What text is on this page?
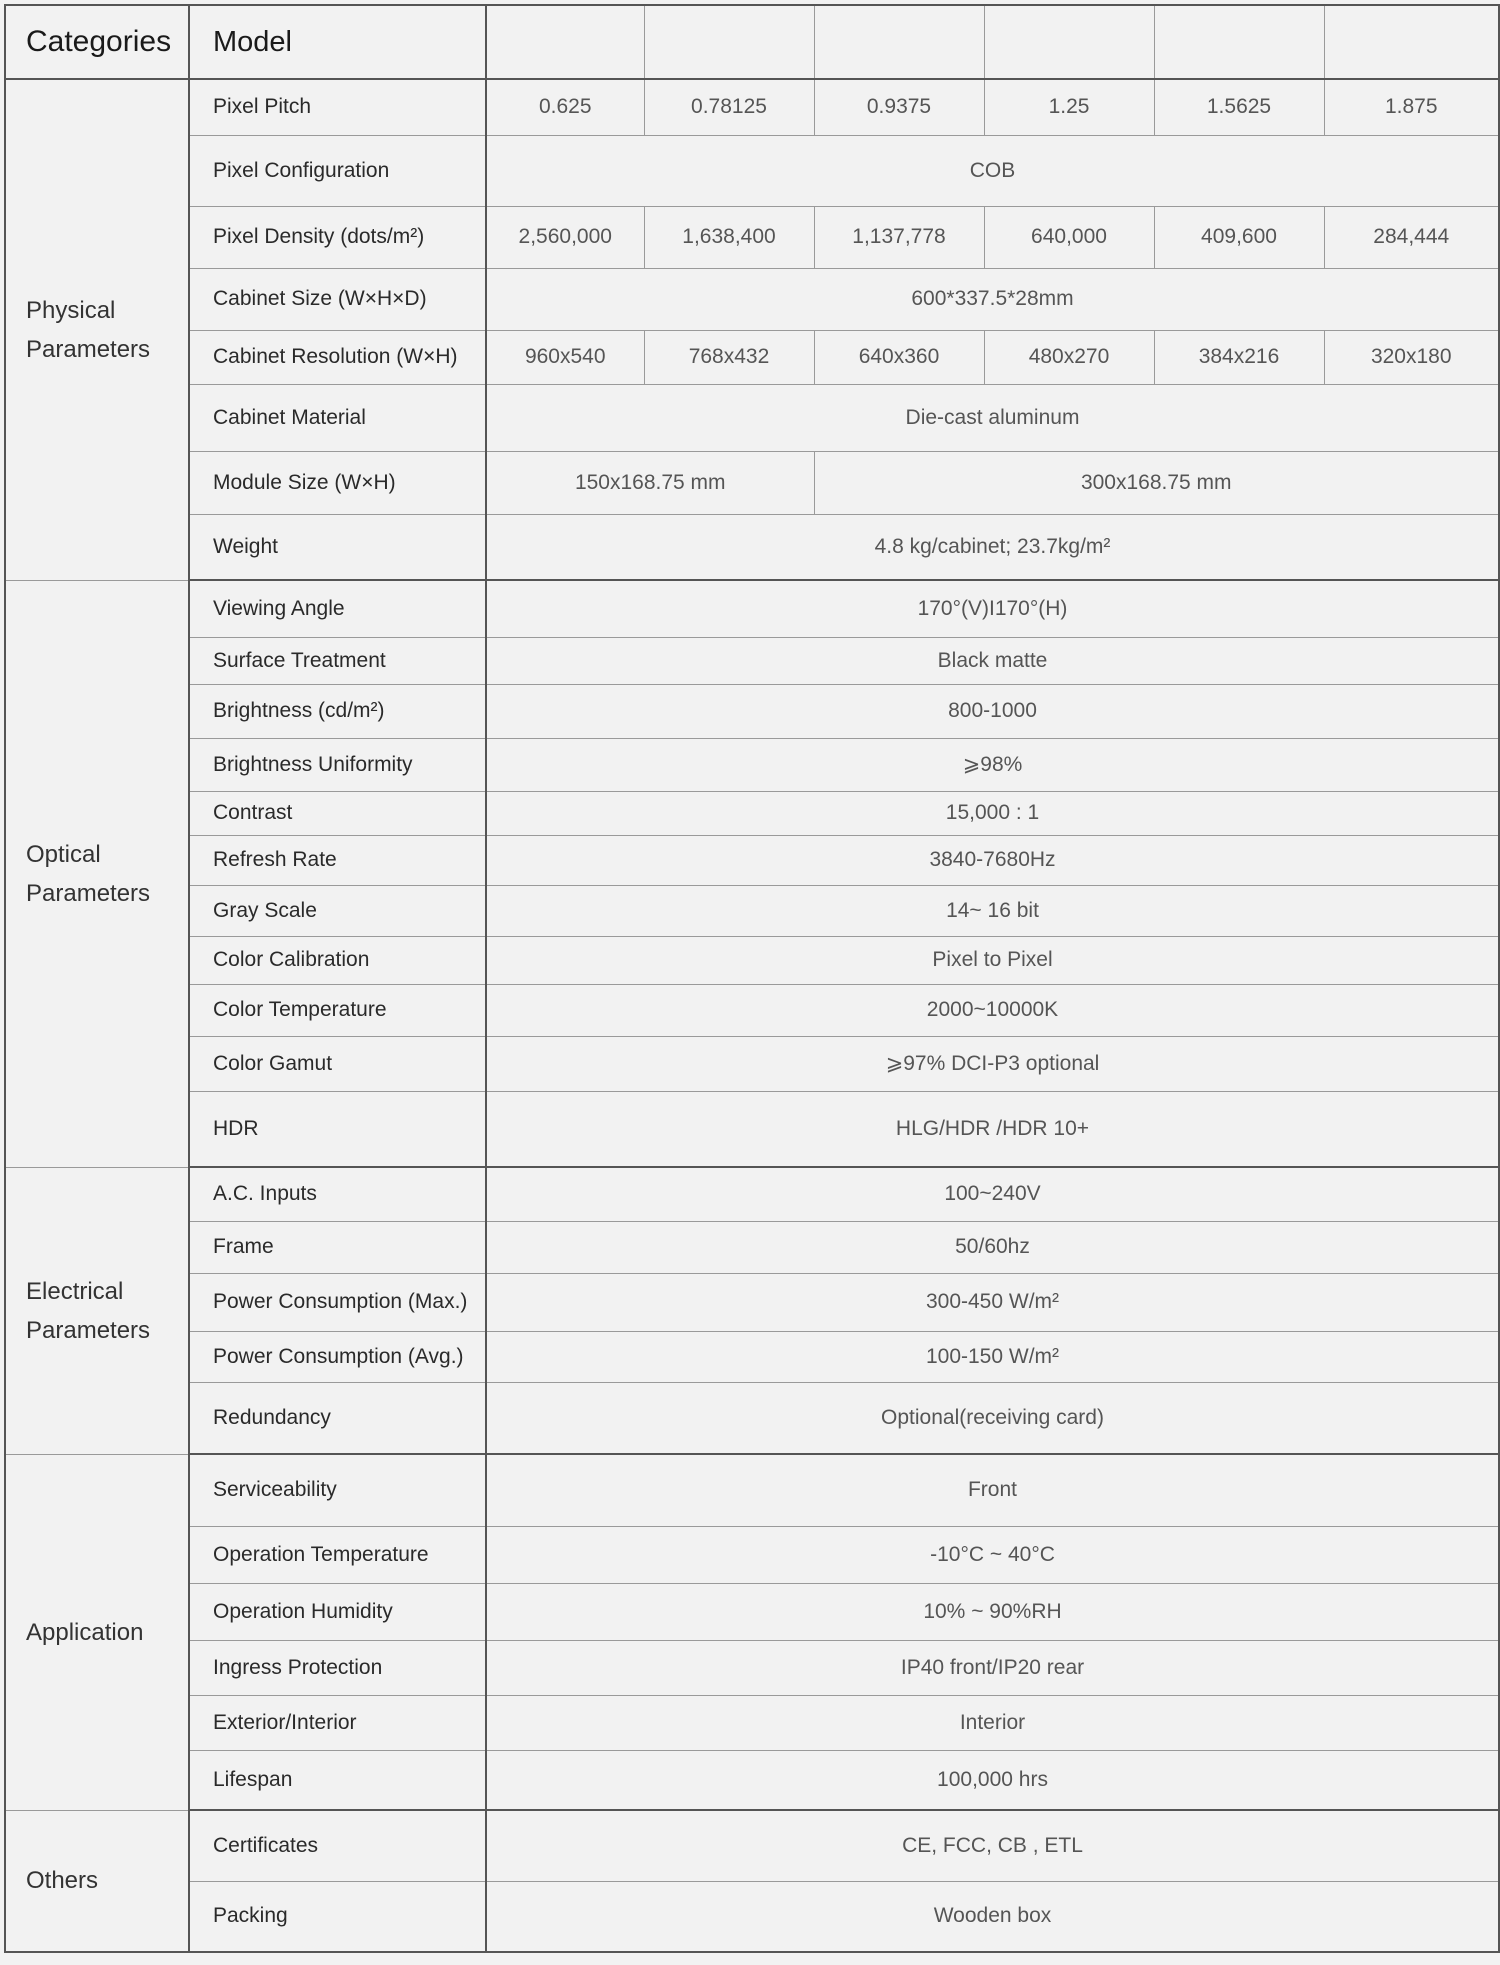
Categories	Model						

Physical
Parameters	Pixel Pitch	0.625	0.78125	0.9375	1.25	1.5625	1.875
	Pixel Configuration	COB					
	Pixel Density (dots/m²)	2,560,000	1,638,400	1,137,778	640,000	409,600	284,444
	Cabinet Size (W×H×D)	600*337.5*28mm					
	Cabinet Resolution (W×H)	960x540	768x432	640x360	480x270	384x216	320x180
	Cabinet Material	Die-cast aluminum					
	Module Size (W×H)	150x168.75 mm		300x168.75 mm			
	Weight	4.8 kg/cabinet; 23.7kg/m²					

Optical
Parameters	Viewing Angle	170°(V)I170°(H)					
	Surface Treatment	Black matte					
	Brightness (cd/m²)	800-1000					
	Brightness Uniformity	⩾98%					
	Contrast	15,000 : 1					
	Refresh Rate	3840-7680Hz					
	Gray Scale	14~ 16 bit					
	Color Calibration	Pixel to Pixel					
	Color Temperature	2000~10000K					
	Color Gamut	⩾97% DCI-P3 optional					
	HDR	HLG/HDR /HDR 10+					

Electrical
Parameters	A.C. Inputs	100~240V					
	Frame	50/60hz					
	Power Consumption (Max.)	300-450 W/m²					
	Power Consumption (Avg.)	100-150 W/m²					
	Redundancy	Optional(receiving card)					

Application	Serviceability	Front					
	Operation Temperature	-10°C ~ 40°C					
	Operation Humidity	10% ~ 90%RH					
	Ingress Protection	IP40 front/IP20 rear					
	Exterior/Interior	Interior					
	Lifespan	100,000 hrs					

Others	Certificates	CE, FCC, CB , ETL					
	Packing	Wooden box					
